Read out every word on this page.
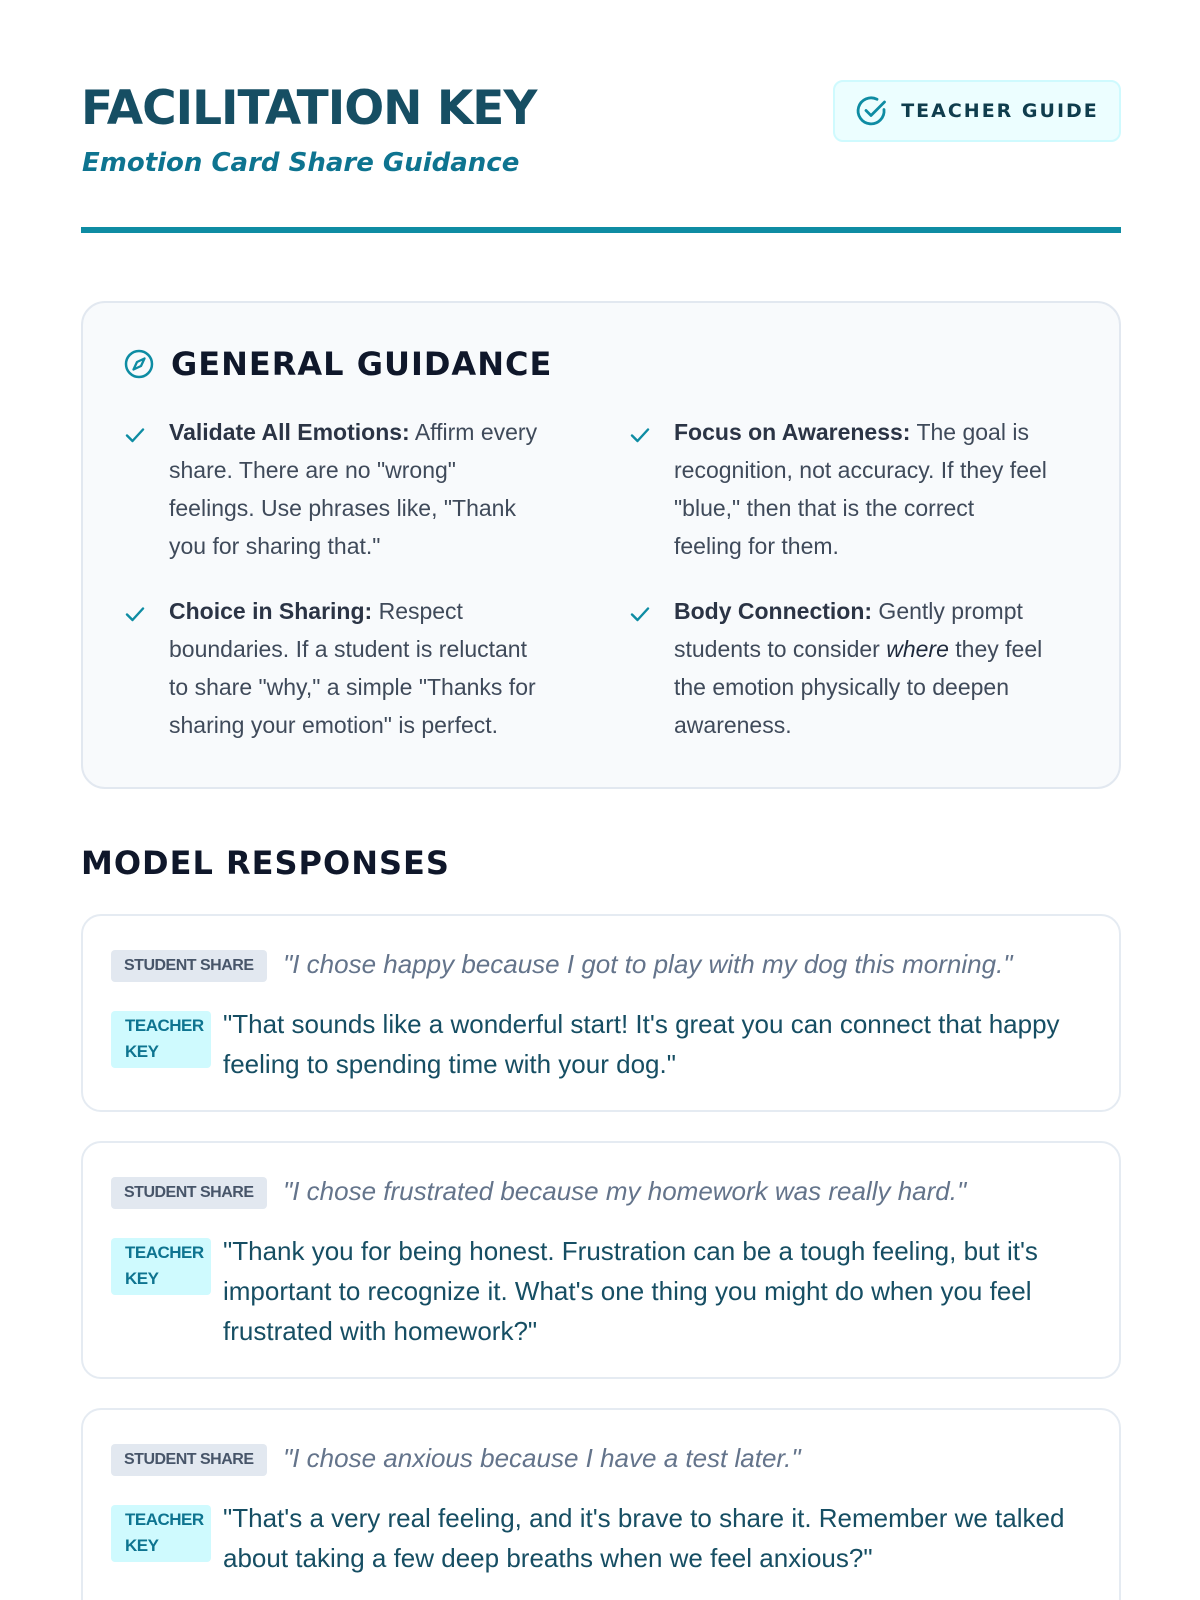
FACILITATION KEY
Emotion Card Share Guidance
TEACHER GUIDE
GENERAL GUIDANCE
Validate All Emotions: Affirm every share. There are no "wrong" feelings. Use phrases like, "Thank you for sharing that."
Focus on Awareness: The goal is recognition, not accuracy. If they feel "blue," then that is the correct feeling for them.
Choice in Sharing: Respect boundaries. If a student is reluctant to share "why," a simple "Thanks for sharing your emotion" is perfect.
Body Connection: Gently prompt students to consider where they feel the emotion physically to deepen awareness.
MODEL RESPONSES
STUDENT SHARE	"I chose happy because I got to play with my dog this morning."
TEACHER KEY
"That sounds like a wonderful start! It's great you can connect that happy feeling to spending time with your dog."
STUDENT SHARE	"I chose frustrated because my homework was really hard."
TEACHER KEY
"Thank you for being honest. Frustration can be a tough feeling, but it's important to recognize it. What's one thing you might do when you feel frustrated with homework?"
STUDENT SHARE	"I chose anxious because I have a test later."
TEACHER KEY
"That's a very real feeling, and it's brave to share it. Remember we talked about taking a few deep breaths when we feel anxious?"
